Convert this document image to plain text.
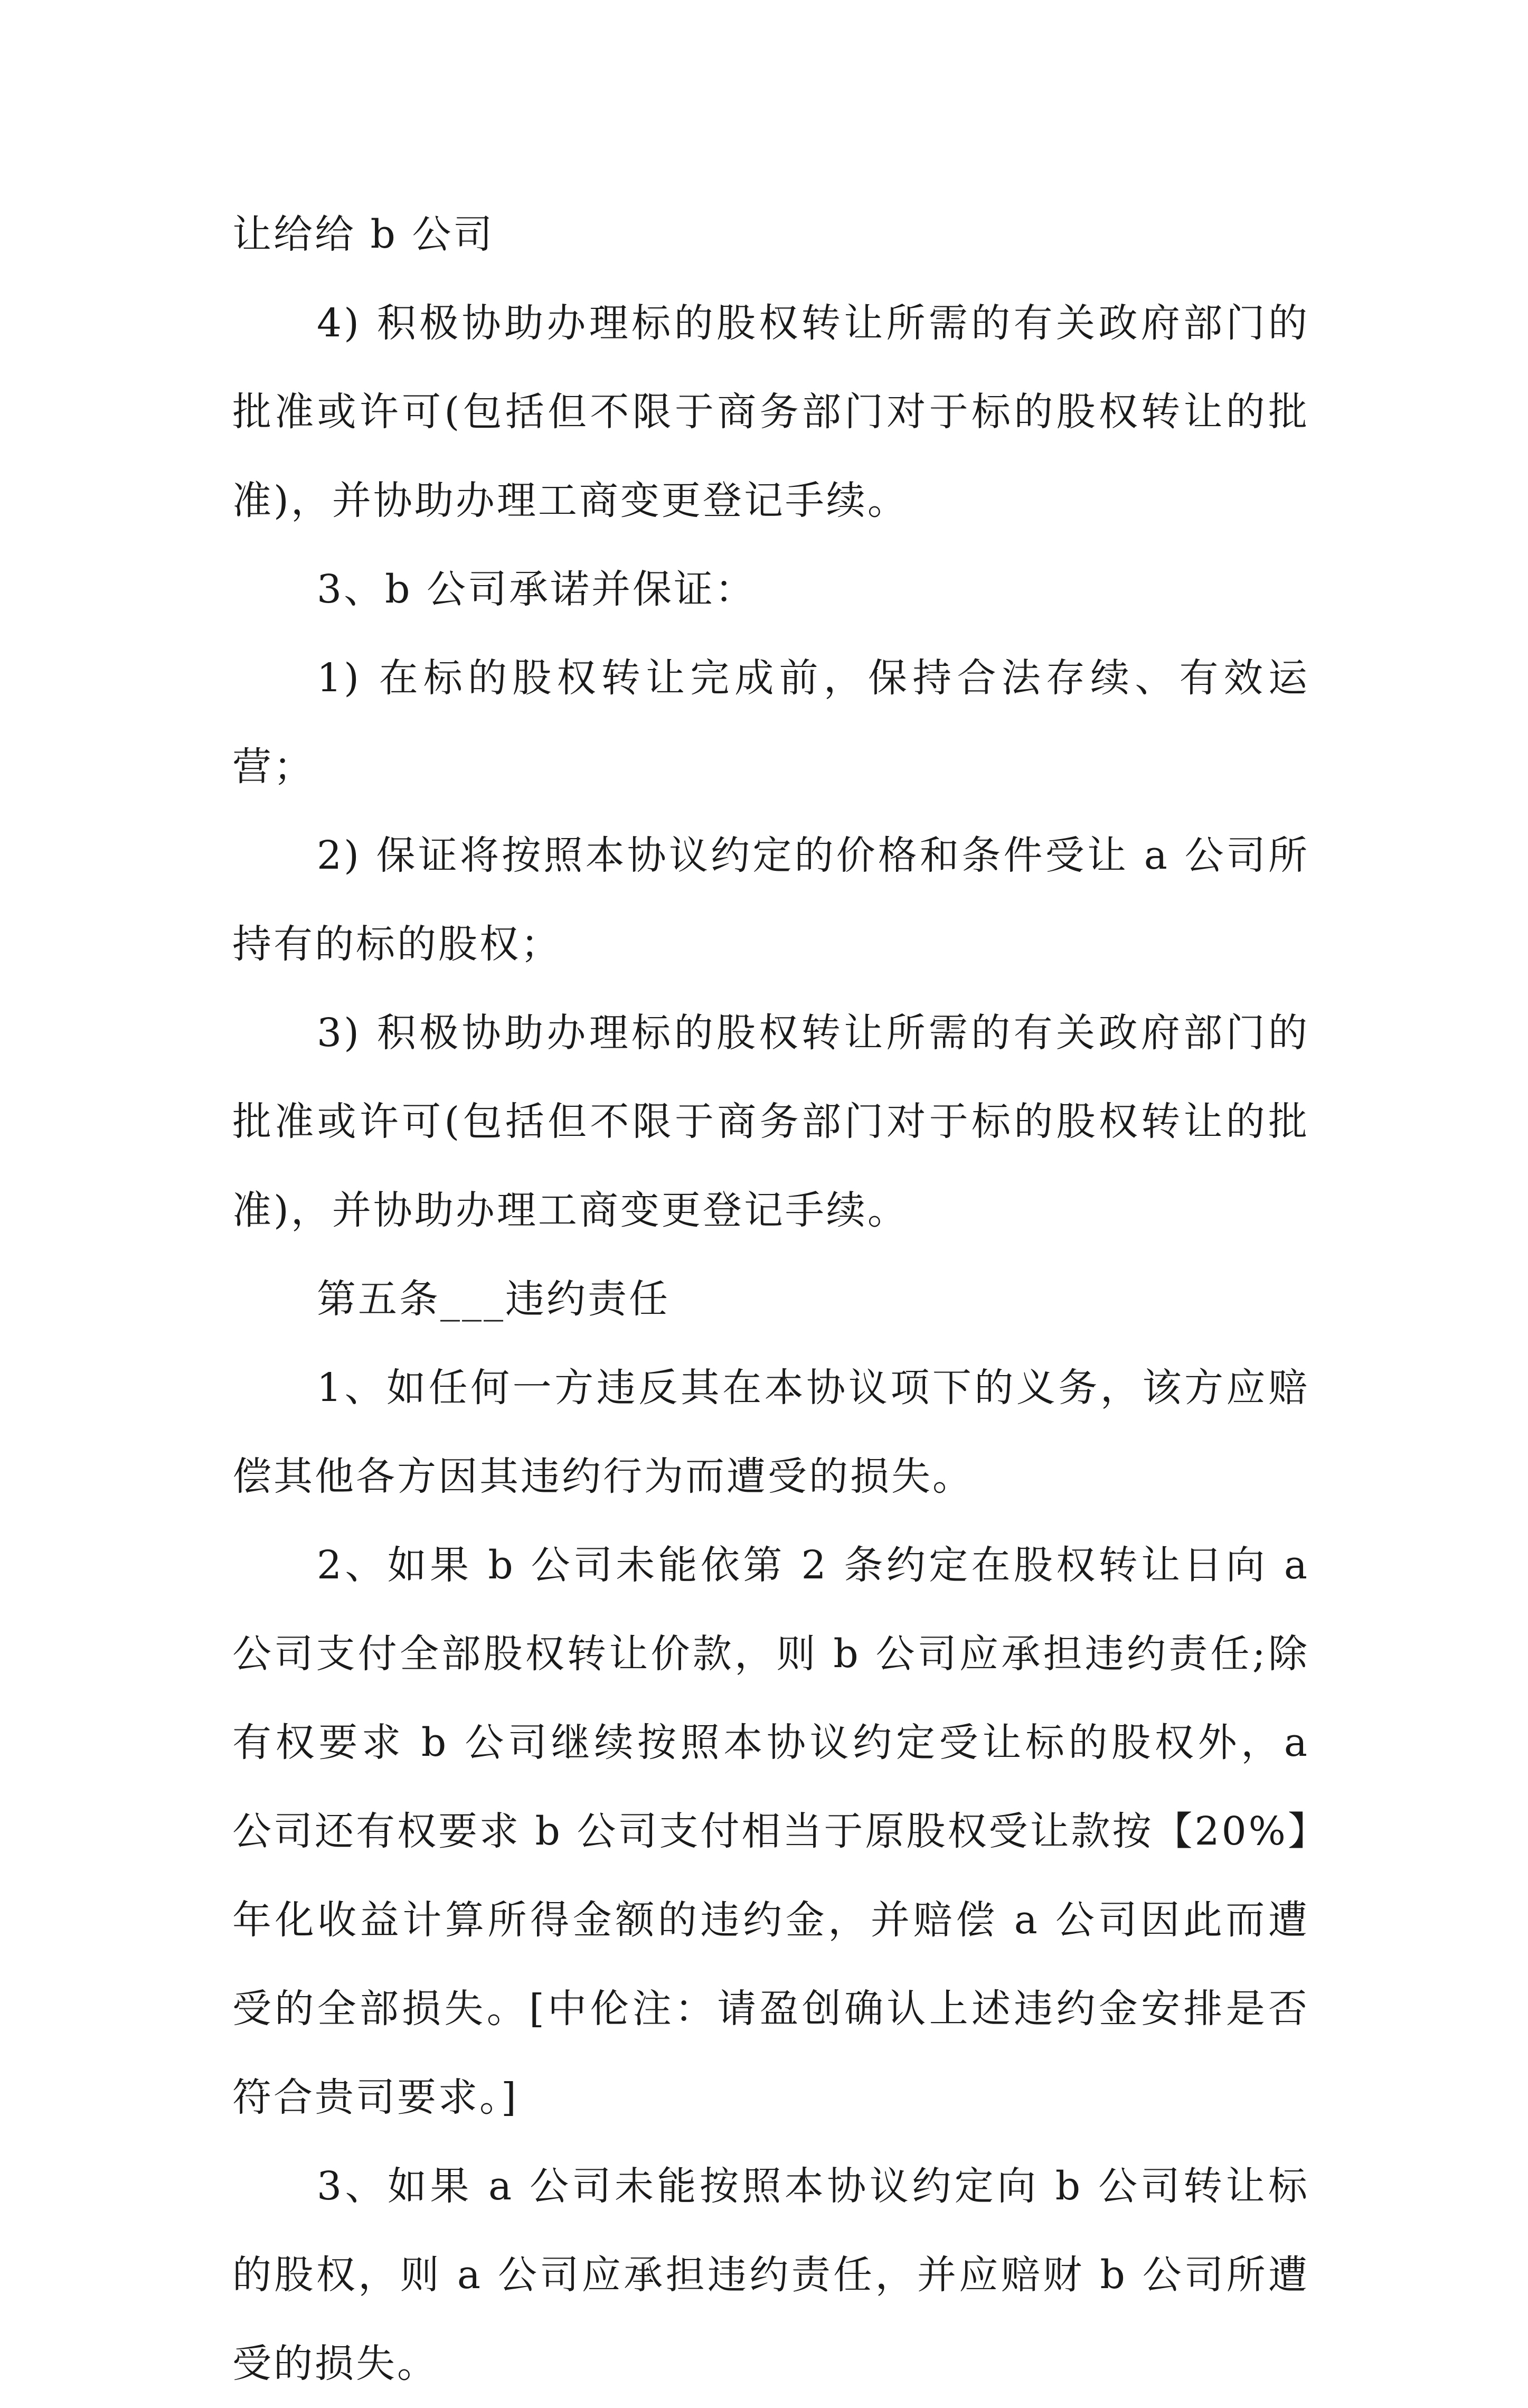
让给给 b 公司

4) 积极协助办理标的股权转让所需的有关政府部门的批准或许可(包括但不限于商务部门对于标的股权转让的批准)，并协助办理工商变更登记手续。

3、b 公司承诺并保证：

1) 在标的股权转让完成前，保持合法存续、有效运营；

2) 保证将按照本协议约定的价格和条件受让 a 公司所持有的标的股权；

3) 积极协助办理标的股权转让所需的有关政府部门的批准或许可(包括但不限于商务部门对于标的股权转让的批准)，并协助办理工商变更登记手续。

第五条___违约责任

1、如任何一方违反其在本协议项下的义务，该方应赔偿其他各方因其违约行为而遭受的损失。

2、如果 b 公司未能依第 2 条约定在股权转让日向 a 公司支付全部股权转让价款，则 b 公司应承担违约责任;除有权要求 b 公司继续按照本协议约定受让标的股权外，a 公司还有权要求 b 公司支付相当于原股权受让款按【20%】年化收益计算所得金额的违约金，并赔偿 a 公司因此而遭受的全部损失。[中伦注：请盈创确认上述违约金安排是否符合贵司要求。]

3、如果 a 公司未能按照本协议约定向 b 公司转让标的股权，则 a 公司应承担违约责任，并应赔财 b 公司所遭受的损失。
